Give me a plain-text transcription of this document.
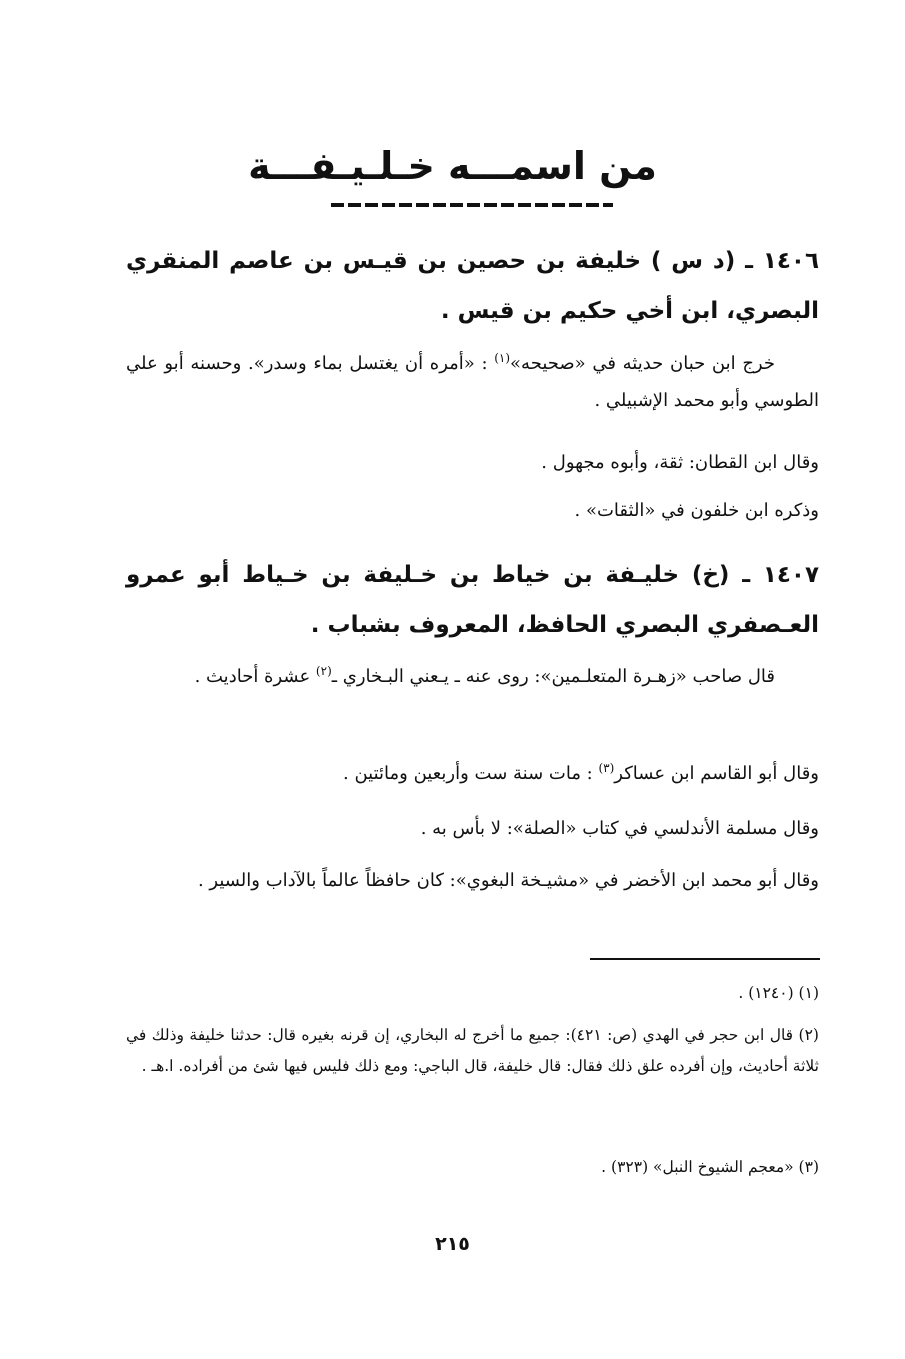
من اسمـــه خـلـيـفـــة
١٤٠٦ ـ (د س ) خليفة بن حصين بن قيـس بن عاصم المنقري البصري، ابن أخي حكيم بن قيس .
خرج ابن حبان حديثه في «صحيحه»$^{(١)}$ : «أمره أن يغتسل بماء وسدر». وحسنه أبو علي الطوسي وأبو محمد الإشبيلي .
وقال ابن القطان: ثقة، وأبوه مجهول .
وذكره ابن خلفون في «الثقات» .
١٤٠٧ ـ (خ) خليـفة بن خياط بن خـليفة بن خـياط أبو عمرو العـصفري البصري الحافظ، المعروف بشباب .
قال صاحب «زهـرة المتعلـمين»: روى عنه ـ يـعني البـخاري ـ$^{(٢)}$ عشرة أحاديث .
وقال أبو القاسم ابن عساكر$^{(٣)}$ : مات سنة ست وأربعين ومائتين .
وقال مسلمة الأندلسي في كتاب «الصلة»: لا بأس به .
وقال أبو محمد ابن الأخضر في «مشيـخة البغوي»: كان حافظاً عالماً بالآداب والسير .
(١) (١٢٤٠) .
(٢) قال ابن حجر في الهدي (ص: ٤٢١): جميع ما أخرج له البخاري، إن قرنه بغيره قال: حدثنا خليفة وذلك في ثلاثة أحاديث، وإن أفرده علق ذلك فقال: قال خليفة، قال الباجي: ومع ذلك فليس فيها شئ من أفراده. ا.هـ .
(٣) «معجم الشيوخ النبل» (٣٢٣) .
٢١٥
